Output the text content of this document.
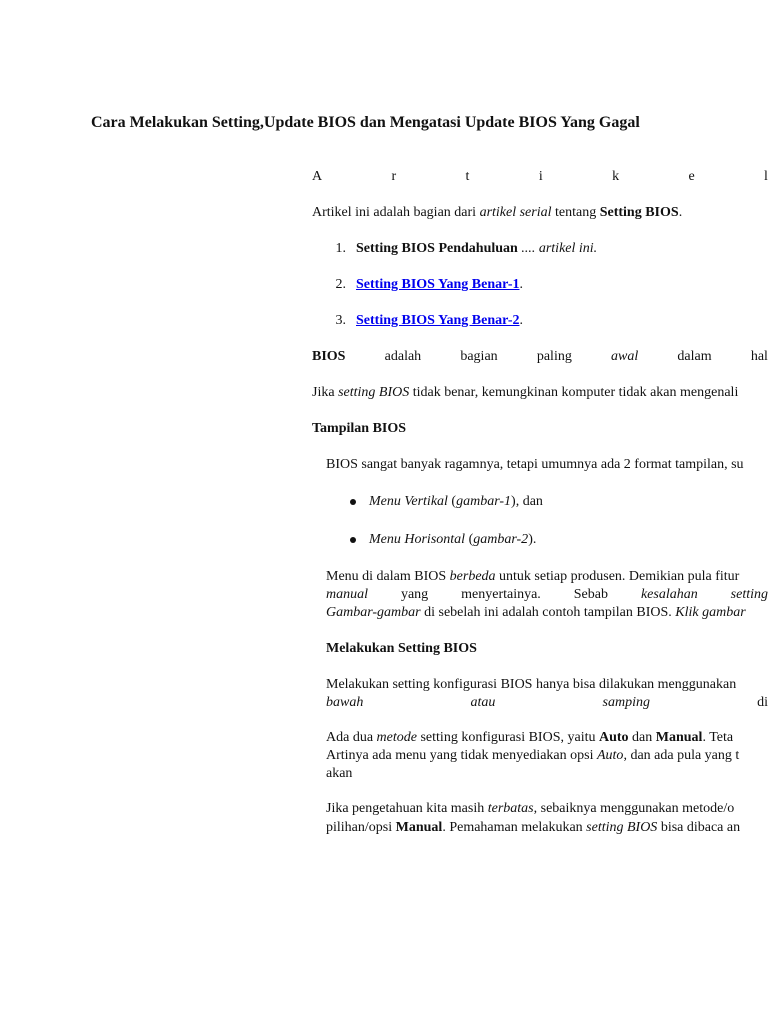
Cara Melakukan Setting,Update BIOS dan Mengatasi Update BIOS Yang Gagal
A	r	t	i	k	e	l
Artikel ini adalah bagian dari artikel serial tentang Setting BIOS.
1. Setting BIOS Pendahuluan .... artikel ini.
2. Setting BIOS Yang Benar-1.
3. Setting BIOS Yang Benar-2.
BIOS	adalah	bagian	paling	awal	dalam	hal
Jika setting BIOS tidak benar, kemungkinan komputer tidak akan mengenali
Tampilan BIOS
BIOS sangat banyak ragamnya, tetapi umumnya ada 2 format tampilan, su
Menu Vertikal (gambar-1), dan
Menu Horisontal (gambar-2).
Menu di dalam BIOS berbeda untuk setiap produsen. Demikian pula fitur
manual yang menyertainya. Sebab kesalahan setting
Gambar-gambar di sebelah ini adalah contoh tampilan BIOS. Klik gambar
Melakukan Setting BIOS
Melakukan setting konfigurasi BIOS hanya bisa dilakukan menggunakan
bawah	atau	samping	di
Ada dua metode setting konfigurasi BIOS, yaitu Auto dan Manual. Teta
Artinya ada menu yang tidak menyediakan opsi Auto, dan ada pula yang t
akan
Jika pengetahuan kita masih terbatas, sebaiknya menggunakan metode/o
pilihan/opsi Manual. Pemahaman melakukan setting BIOS bisa dibaca an
